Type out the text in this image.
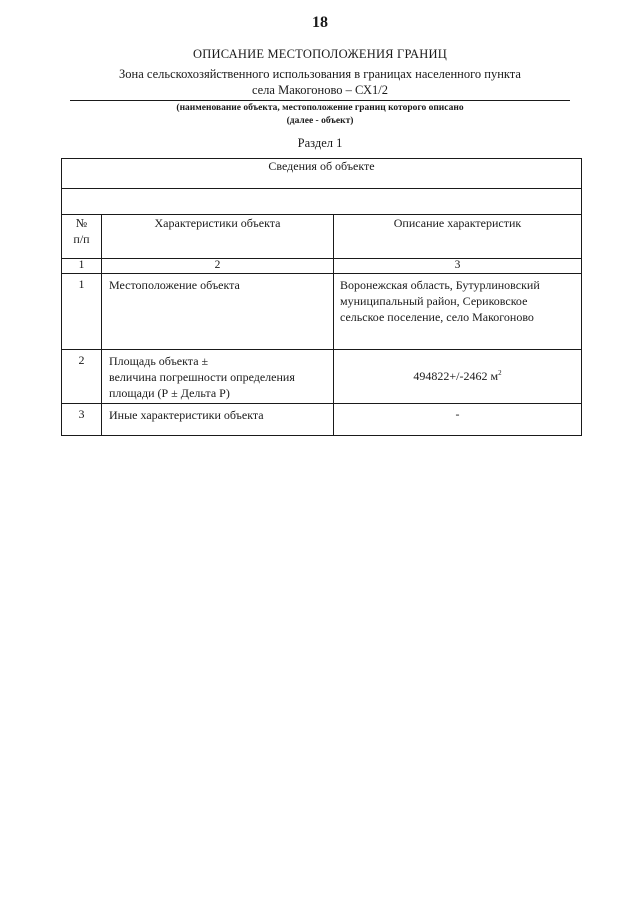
18
ОПИСАНИЕ МЕСТОПОЛОЖЕНИЯ ГРАНИЦ
Зона сельскохозяйственного использования в границах населенного пункта
села Макогоново – СХ1/2
(наименование объекта, местоположение границ которого описано
(далее - объект)
Раздел 1
Сведения об объекте		

№
п/п	Характеристики объекта	Описание характеристик
1	2	3
1	Местоположение объекта	Воронежская область, Бутурлиновский
муниципальный район, Сериковское
сельское поселение, село Макогоново

2	Площадь объекта ±
величина погрешности определения
площади (Р ± Дельта Р)	494822+/-2462 $м^2$
3	Иные характеристики объекта	-
